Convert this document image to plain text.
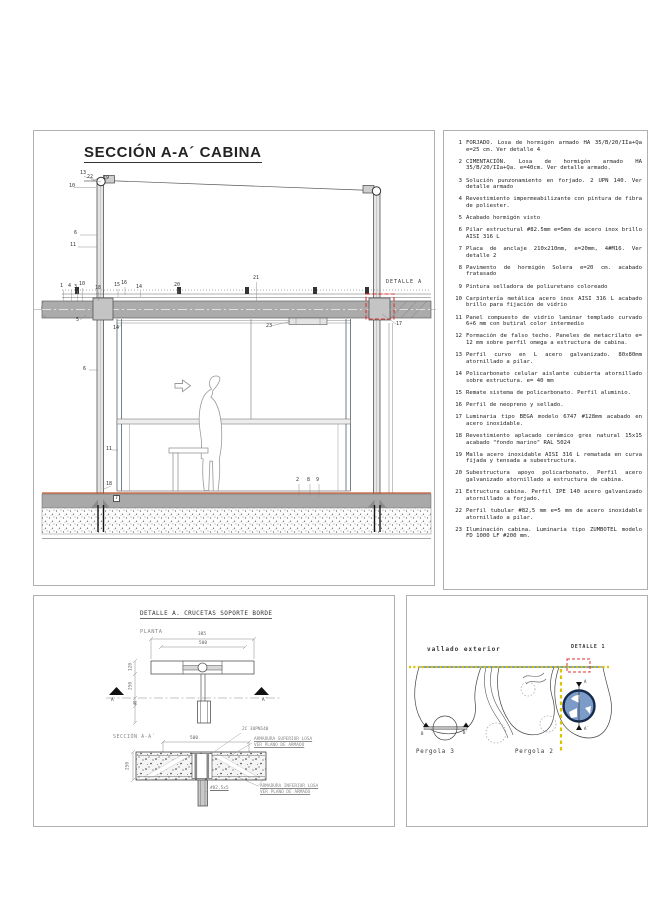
SECCIÓN A-A´ CABINA
DETALLE A
13
22 19
10
6
11
1 4 3 10
18	15 16
14	20
21
23	17
5
14
6
11
2 8 9
18
7
1 FORJADO. Losa de hormigón armado HA 35/B/20/IIa+Qa e=25 cm. Ver detalle 4
2 CIMENTACIÓN. Losa de hormigón armado HA 35/B/20/IIa+Qa. e=40cm. Ver detalle armado.
3 Solución punzonamiento en forjado. 2 UPN 140. Ver detalle armado
4 Revestimiento impermeabilizante con pintura de fibra de poliester.
5 Acabado hormigón visto
6 Pilar estructural #82.5mm e=5mm de acero inox brillo AISI 316 L
7 Placa de anclaje 210x210mm, e=20mm, 4#M16. Ver detalle 2
8 Pavimento de hormigón Solera e=20 cm. acabado fratasado
9 Pintura selladora de poliuretano coloreado
10 Carpintería metálica acero inox AISI 316 L acabado brillo para fijación de vidrio
11 Panel compuesto de vidrio laminar templado curvado 6+6 mm con butiral color intermedio
12 Formación de falso techo. Paneles de metacrilato e= 12 mm sobre perfil omega a estructura de cabina.
13 Perfil curvo en L acero galvanizado. 80x80mm atornillado a pilar.
14 Policarbonato celular aislante cubierta atornillado sobre estructura. e= 40 mm
15 Remate sistema de policarbonato. Perfil aluminio.
16 Perfil de neopreno y sellado.
17 Luminaria tipo BEGA modelo 6747 #128mm acabado en acero inoxidable.
18 Revestimiento aplacado cerámico gres natural 15x15 acabado "fondo marino" RAL 5024
19 Malla acero inoxidable AISI 316 L rematada en curva fijada y tensada a subestructura.
20 Subestructura apoyo policarbonato. Perfil acero galvanizado atornillado a estructura de cabina.
21 Estructura cabina. Perfil IPE 140 acero galvanizado atornillado a forjado.
22 Perfil tubular #82,5 mm e=5 mm de acero inoxidable atornillado a pilar.
23 Iluminación cabina. Luminaria tipo ZUMBOTEL modelo FD 1000 LF #200 mm.
DETALLE A. CRUCETAS SOPORTE BORDE
PLANTA
SECCIÓN A-A´
385
500
120
250
48
500
250
A	A´
2C 3UPN140
ARMADURA SUPERIOR LOSA
VER PLANO DE ARMADO
ARMADURA INFERIOR LOSA
VER PLANO DE ARMADO
#82,5x5
vallado exterior	DETALLE 1
B	B´
A
A´
Pergola 3	Pergola 2
